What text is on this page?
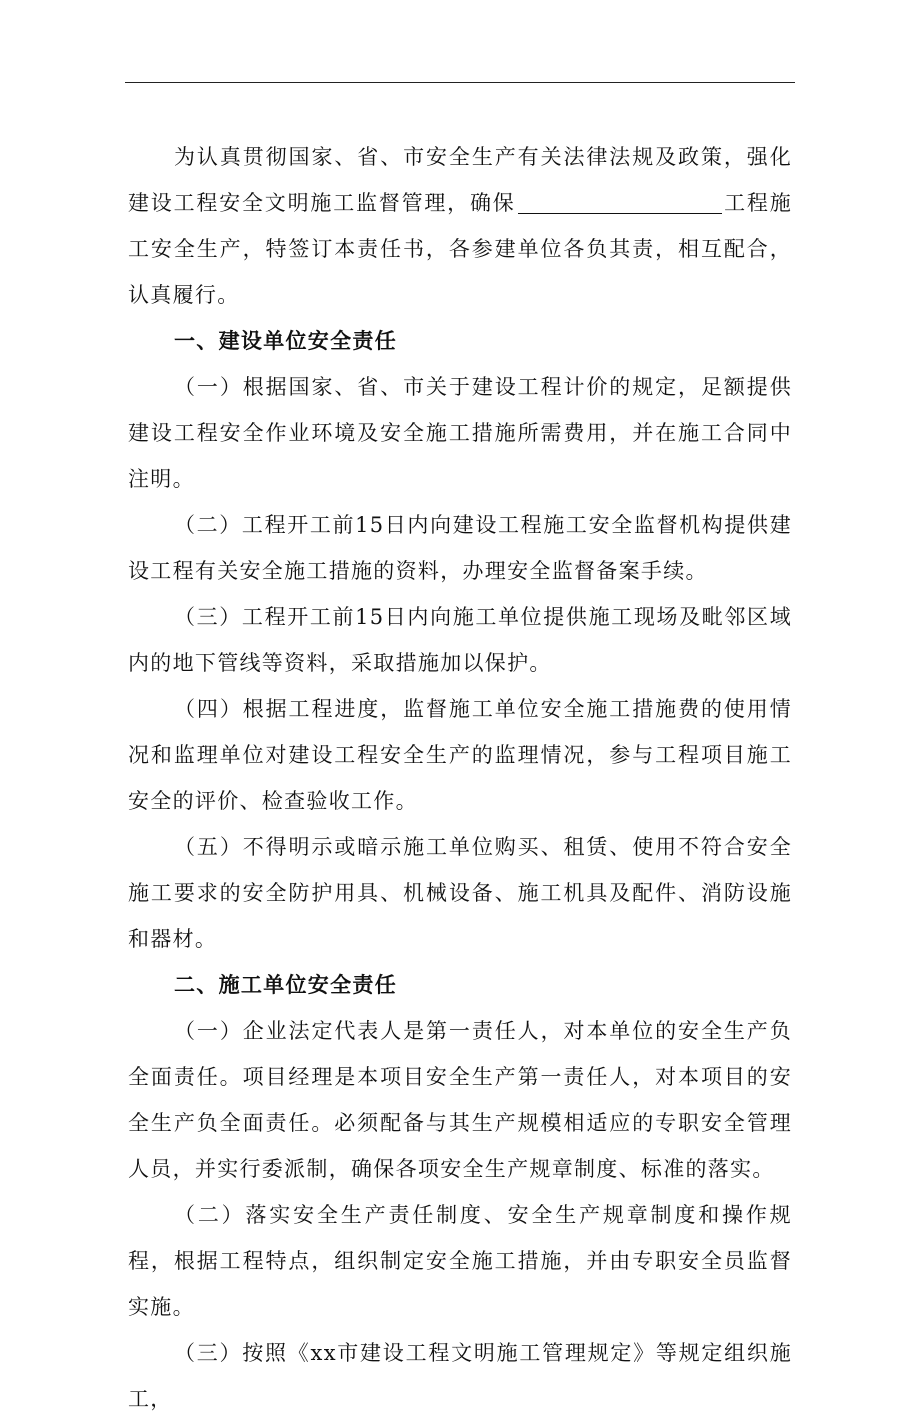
为认真贯彻国家、省、市安全生产有关法律法规及政策，强化建设工程安全文明施工监督管理，确保	工程施工安全生产，特签订本责任书，各参建单位各负其责，相互配合，认真履行。

一、建设单位安全责任

（一）根据国家、省、市关于建设工程计价的规定，足额提供建设工程安全作业环境及安全施工措施所需费用，并在施工合同中注明。

（二）工程开工前15日内向建设工程施工安全监督机构提供建设工程有关安全施工措施的资料，办理安全监督备案手续。

（三）工程开工前15日内向施工单位提供施工现场及毗邻区域内的地下管线等资料，采取措施加以保护。

（四）根据工程进度，监督施工单位安全施工措施费的使用情况和监理单位对建设工程安全生产的监理情况，参与工程项目施工安全的评价、检查验收工作。

（五）不得明示或暗示施工单位购买、租赁、使用不符合安全施工要求的安全防护用具、机械设备、施工机具及配件、消防设施和器材。

二、施工单位安全责任

（一）企业法定代表人是第一责任人，对本单位的安全生产负全面责任。项目经理是本项目安全生产第一责任人，对本项目的安全生产负全面责任。必须配备与其生产规模相适应的专职安全管理人员，并实行委派制，确保各项安全生产规章制度、标准的落实。

（二）落实安全生产责任制度、安全生产规章制度和操作规程，根据工程特点，组织制定安全施工措施，并由专职安全员监督实施。

（三）按照《xx市建设工程文明施工管理规定》等规定组织施工，
